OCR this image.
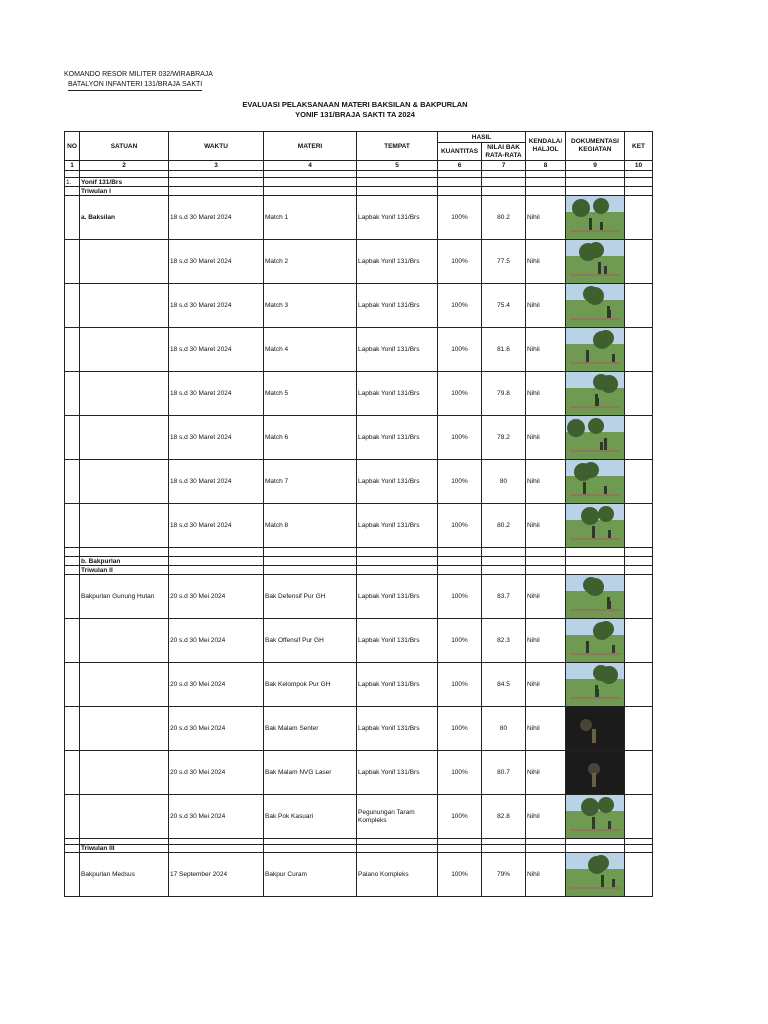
KOMANDO RESOR MILITER 032/WIRABRAJA
BATALYON INFANTERI 131/BRAJA SAKTI
EVALUASI PELAKSANAAN MATERI BAKSILAN & BAKPURLAN
YONIF 131/BRAJA SAKTI TA 2024
NO	SATUAN	WAKTU	MATERI	TEMPAT	HASIL		KENDALA/ HALJOL	DOKUMENTASI KEGIATAN	KET
					KUANTITAS	NILAI BAK RATA-RATA			
1	2	3	4	5	6	7	8	9	10

1.	Yonif 131/Brs								
	Triwulan I								
	a. Baksilan	18 s.d 30 Maret 2024	Match 1	Lapbak Yonif 131/Brs	100%	80.2	Nihil	

		18 s.d 30 Maret 2024	Match 2	Lapbak Yonif 131/Brs	100%	77.5	Nihil	

		18 s.d 30 Maret 2024	Match 3	Lapbak Yonif 131/Brs	100%	75.4	Nihil	

		18 s.d 30 Maret 2024	Match 4	Lapbak Yonif 131/Brs	100%	81.6	Nihil	

		18 s.d 30 Maret 2024	Match 5	Lapbak Yonif 131/Brs	100%	79.8	Nihil	

		18 s.d 30 Maret 2024	Match 6	Lapbak Yonif 131/Brs	100%	78.2	Nihil	

		18 s.d 30 Maret 2024	Match 7	Lapbak Yonif 131/Brs	100%	80	Nihil	

		18 s.d 30 Maret 2024	Match 8	Lapbak Yonif 131/Brs	100%	80.2	Nihil	

	b. Bakpurlan								
	Triwulan II								
	Bakpurlan Gunung Hutan	20 s.d 30 Mei 2024	Bak Defensif Pur GH	Lapbak Yonif 131/Brs	100%	83.7	Nihil	

		20 s.d 30 Mei 2024	Bak Offensif Pur GH	Lapbak Yonif 131/Brs	100%	82.3	Nihil	

		20 s.d 30 Mei 2024	Bak Kelompok Pur GH	Lapbak Yonif 131/Brs	100%	84.5	Nihil	

		20 s.d 30 Mei 2024	Bak Malam Senter	Lapbak Yonif 131/Brs	100%	80	Nihil	

		20 s.d 30 Mei 2024	Bak Malam NVG Laser	Lapbak Yonif 131/Brs	100%	80.7	Nihil	

		20 s.d 30 Mei 2024	Bak Pok Kasuari	Pegunungan Taram Kompleks	100%	82.8	Nihil	

	Triwulan III								
	Bakpurlan Medsus	17 September 2024	Bakpur Curam	Palano Kompleks	100%	79%	Nihil	
